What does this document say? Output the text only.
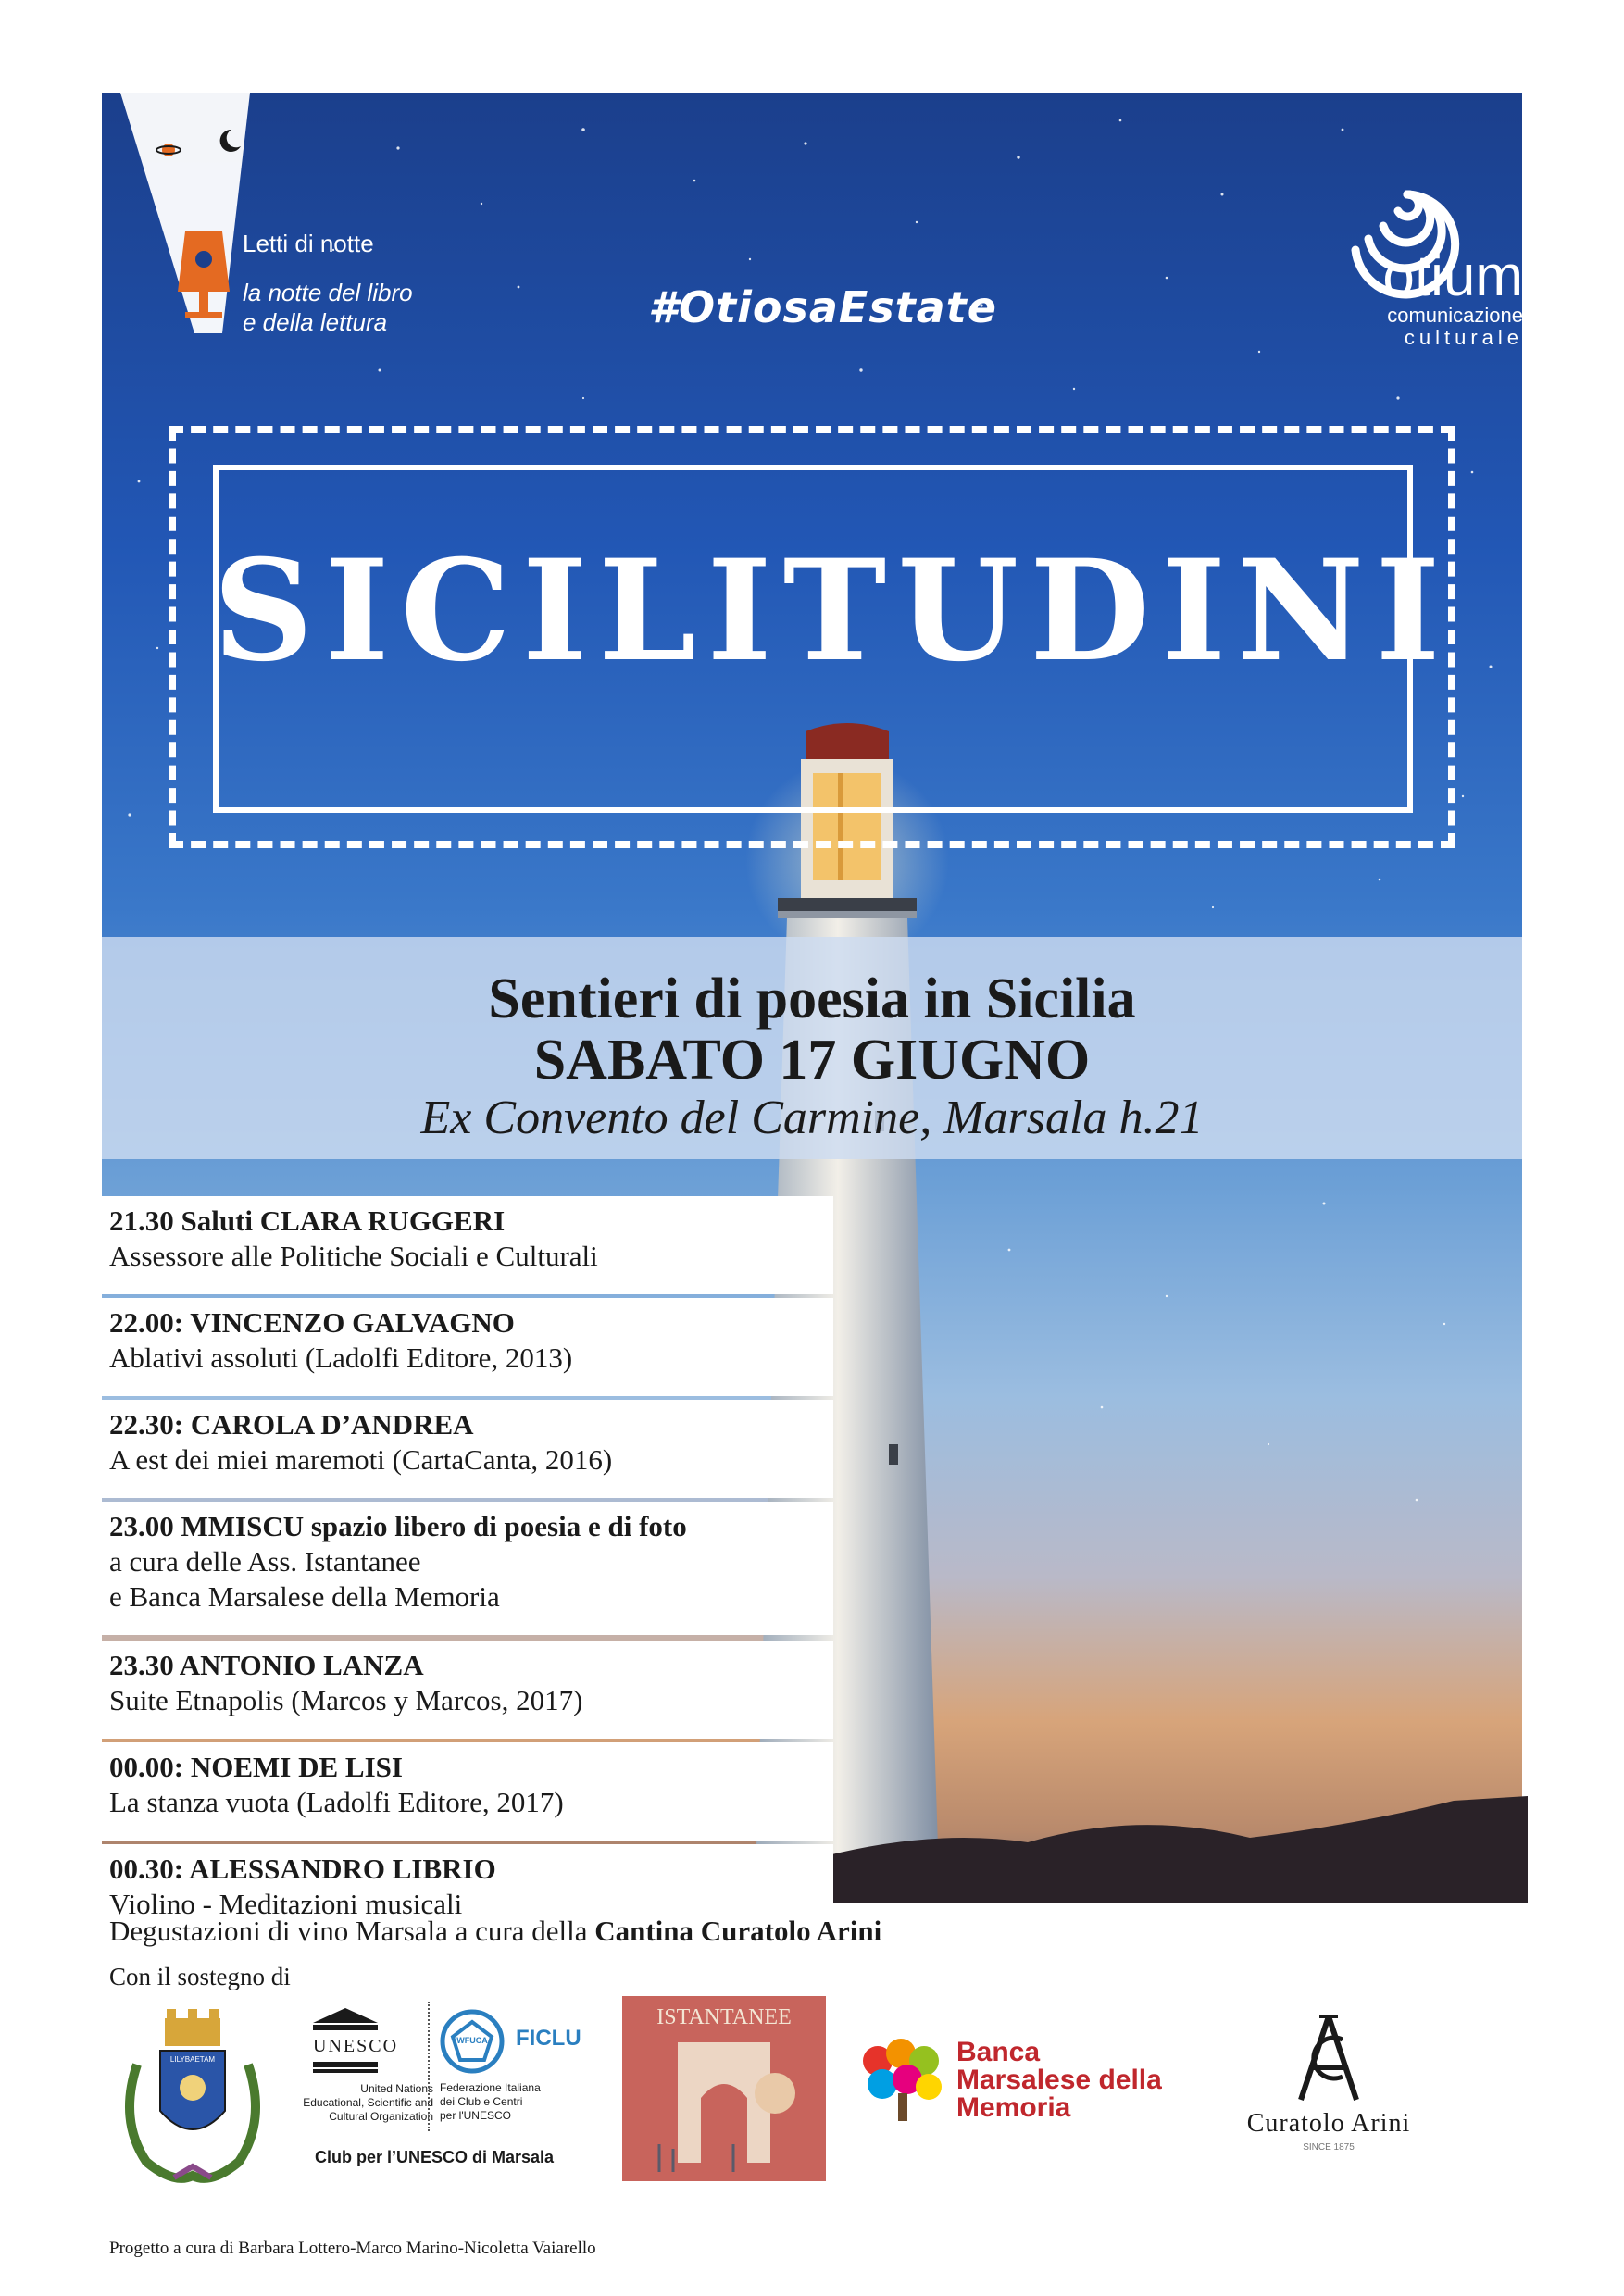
Letti di notte
la notte del libro
e della lettura	#OtiosaEstate	otium
comunicazione
culturale
SICILITUDINI
Sentieri di poesia in Sicilia
SABATO 17 GIUGNO
Ex Convento del Carmine, Marsala h.21
21.30 Saluti CLARA RUGGERI
Assessore alle Politiche Sociali e Culturali
22.00: VINCENZO GALVAGNO
Ablativi assoluti (Ladolfi Editore, 2013)
22.30: CAROLA D’ANDREA
A est dei miei maremoti (CartaCanta, 2016)
23.00 MMISCU spazio libero di poesia e di foto
a cura delle Ass. Istantanee
e Banca Marsalese della Memoria
23.30 ANTONIO LANZA
Suite Etnapolis (Marcos y Marcos, 2017)
00.00: NOEMI DE LISI
La stanza vuota (Ladolfi Editore, 2017)
00.30: ALESSANDRO LIBRIO
Violino - Meditazioni musicali
Degustazioni di vino Marsala a cura della Cantina Curatolo Arini
Con il sostegno di
LILYBAETAM
UNESCO
United Nations
Educational, Scientific and
Cultural Organization
WFUCA FICLU
Federazione Italiana
dei Club e Centri
per l'UNESCO
Club per l’UNESCO di Marsala
ISTANTANEE
Banca
Marsalese della
Memoria
Curatolo Arini
SINCE 1875
Progetto a cura di Barbara Lottero-Marco Marino-Nicoletta Vaiarello
